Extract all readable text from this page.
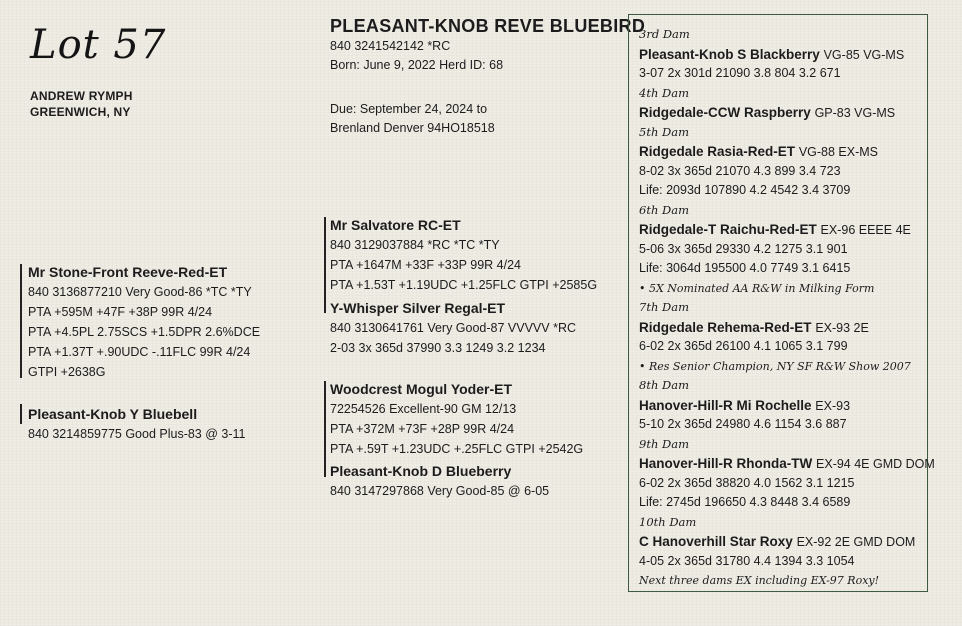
Lot 57
ANDREW RYMPH
GREENWICH, NY
PLEASANT-KNOB REVE BLUEBIRD
840 3241542142 *RC
Born: June 9, 2022 Herd ID: 68
Due: September 24, 2024 to
Brenland Denver 94HO18518
Mr Stone-Front Reeve-Red-ET
840 3136877210 Very Good-86 *TC *TY
PTA +595M +47F +38P 99R 4/24
PTA +4.5PL 2.75SCS +1.5DPR 2.6%DCE
PTA +1.37T +.90UDC -.11FLC 99R 4/24
GTPI +2638G
Pleasant-Knob Y Bluebell
840 3214859775 Good Plus-83 @ 3-11
Mr Salvatore RC-ET
840 3129037884 *RC *TC *TY
PTA +1647M +33F +33P 99R 4/24
PTA +1.53T +1.19UDC +1.25FLC GTPI +2585G
Y-Whisper Silver Regal-ET
840 3130641761 Very Good-87 VVVVV *RC
2-03 3x 365d 37990 3.3 1249 3.2 1234
Woodcrest Mogul Yoder-ET
72254526 Excellent-90 GM 12/13
PTA +372M +73F +28P 99R 4/24
PTA +.59T +1.23UDC +.25FLC GTPI +2542G
Pleasant-Knob D Blueberry
840 3147297868 Very Good-85 @ 6-05
3rd Dam
Pleasant-Knob S Blackberry VG-85 VG-MS
3-07 2x 301d 21090 3.8 804 3.2 671
4th Dam
Ridgedale-CCW Raspberry GP-83 VG-MS
5th Dam
Ridgedale Rasia-Red-ET VG-88 EX-MS
8-02 3x 365d 21070 4.3 899 3.4 723
Life: 2093d 107890 4.2 4542 3.4 3709
6th Dam
Ridgedale-T Raichu-Red-ET EX-96 EEEE 4E
5-06 3x 365d 29330 4.2 1275 3.1 901
Life: 3064d 195500 4.0 7749 3.1 6415
• 5X Nominated AA R&W in Milking Form
7th Dam
Ridgedale Rehema-Red-ET EX-93 2E
6-02 2x 365d 26100 4.1 1065 3.1 799
• Res Senior Champion, NY SF R&W Show 2007
8th Dam
Hanover-Hill-R Mi Rochelle EX-93
5-10 2x 365d 24980 4.6 1154 3.6 887
9th Dam
Hanover-Hill-R Rhonda-TW EX-94 4E GMD DOM
6-02 2x 365d 38820 4.0 1562 3.1 1215
Life: 2745d 196650 4.3 8448 3.4 6589
10th Dam
C Hanoverhill Star Roxy EX-92 2E GMD DOM
4-05 2x 365d 31780 4.4 1394 3.3 1054
Next three dams EX including EX-97 Roxy!
